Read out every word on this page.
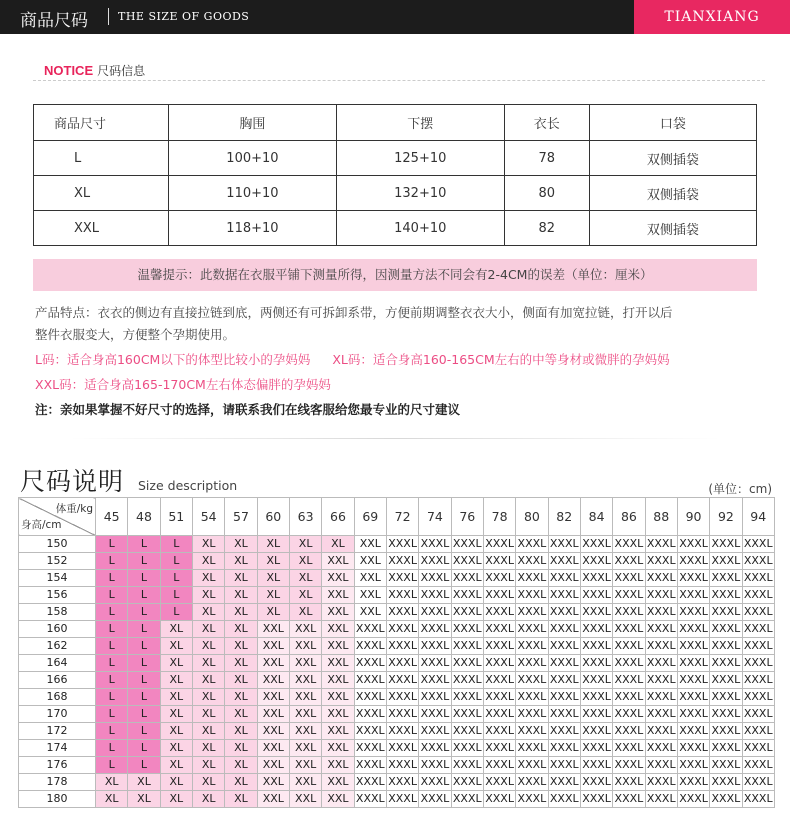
商品尺码	THE SIZE OF GOODS	TIANXIANG
NOTICE 尺码信息
商品尺寸	胸围	下摆	衣长	口袋
L	100+10	125+10	78	双侧插袋
XL	110+10	132+10	80	双侧插袋
XXL	118+10	140+10	82	双侧插袋
温馨提示：此数据在衣服平铺下测量所得，因测量方法不同会有2-4CM的误差（单位：厘米）
产品特点：衣衣的侧边有直接拉链到底，两侧还有可拆卸系带，方便前期调整衣衣大小，侧面有加宽拉链，打开以后
整件衣服变大，方便整个孕期使用。
L码：适合身高160CM以下的体型比较小的孕妈妈 XL码：适合身高160-165CM左右的中等身材或微胖的孕妈妈
XXL码：适合身高165-170CM左右体态偏胖的孕妈妈
注：亲如果掌握不好尺寸的选择，请联系我们在线客服给您最专业的尺寸建议
尺码说明 Size description	(单位：cm)
体重/kg
身高/cm	45	48	51	54	57	60	63	66	69	72	74	76	78	80	82	84	86	88	90	92	94
150	L	L	L	XL	XL	XL	XL	XL	XXL	XXXL	XXXL	XXXL	XXXL	XXXL	XXXL	XXXL	XXXL	XXXL	XXXL	XXXL	XXXL
152	L	L	L	XL	XL	XL	XL	XXL	XXL	XXXL	XXXL	XXXL	XXXL	XXXL	XXXL	XXXL	XXXL	XXXL	XXXL	XXXL	XXXL
154	L	L	L	XL	XL	XL	XL	XXL	XXL	XXXL	XXXL	XXXL	XXXL	XXXL	XXXL	XXXL	XXXL	XXXL	XXXL	XXXL	XXXL
156	L	L	L	XL	XL	XL	XL	XXL	XXL	XXXL	XXXL	XXXL	XXXL	XXXL	XXXL	XXXL	XXXL	XXXL	XXXL	XXXL	XXXL
158	L	L	L	XL	XL	XL	XL	XXL	XXL	XXXL	XXXL	XXXL	XXXL	XXXL	XXXL	XXXL	XXXL	XXXL	XXXL	XXXL	XXXL
160	L	L	XL	XL	XL	XXL	XXL	XXL	XXXL	XXXL	XXXL	XXXL	XXXL	XXXL	XXXL	XXXL	XXXL	XXXL	XXXL	XXXL	XXXL
162	L	L	XL	XL	XL	XXL	XXL	XXL	XXXL	XXXL	XXXL	XXXL	XXXL	XXXL	XXXL	XXXL	XXXL	XXXL	XXXL	XXXL	XXXL
164	L	L	XL	XL	XL	XXL	XXL	XXL	XXXL	XXXL	XXXL	XXXL	XXXL	XXXL	XXXL	XXXL	XXXL	XXXL	XXXL	XXXL	XXXL
166	L	L	XL	XL	XL	XXL	XXL	XXL	XXXL	XXXL	XXXL	XXXL	XXXL	XXXL	XXXL	XXXL	XXXL	XXXL	XXXL	XXXL	XXXL
168	L	L	XL	XL	XL	XXL	XXL	XXL	XXXL	XXXL	XXXL	XXXL	XXXL	XXXL	XXXL	XXXL	XXXL	XXXL	XXXL	XXXL	XXXL
170	L	L	XL	XL	XL	XXL	XXL	XXL	XXXL	XXXL	XXXL	XXXL	XXXL	XXXL	XXXL	XXXL	XXXL	XXXL	XXXL	XXXL	XXXL
172	L	L	XL	XL	XL	XXL	XXL	XXL	XXXL	XXXL	XXXL	XXXL	XXXL	XXXL	XXXL	XXXL	XXXL	XXXL	XXXL	XXXL	XXXL
174	L	L	XL	XL	XL	XXL	XXL	XXL	XXXL	XXXL	XXXL	XXXL	XXXL	XXXL	XXXL	XXXL	XXXL	XXXL	XXXL	XXXL	XXXL
176	L	L	XL	XL	XL	XXL	XXL	XXL	XXXL	XXXL	XXXL	XXXL	XXXL	XXXL	XXXL	XXXL	XXXL	XXXL	XXXL	XXXL	XXXL
178	XL	XL	XL	XL	XL	XXL	XXL	XXL	XXXL	XXXL	XXXL	XXXL	XXXL	XXXL	XXXL	XXXL	XXXL	XXXL	XXXL	XXXL	XXXL
180	XL	XL	XL	XL	XL	XXL	XXL	XXL	XXXL	XXXL	XXXL	XXXL	XXXL	XXXL	XXXL	XXXL	XXXL	XXXL	XXXL	XXXL	XXXL
